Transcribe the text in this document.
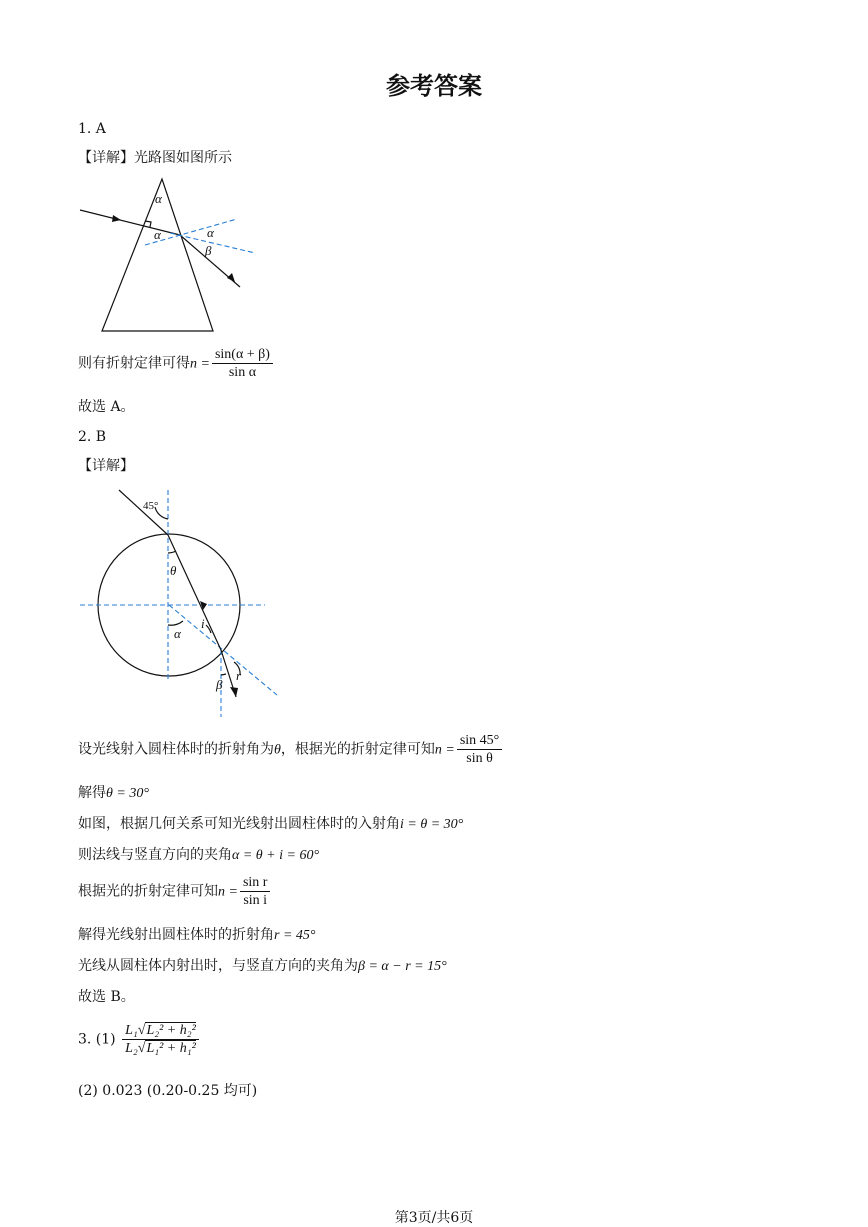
参考答案
1. A
【详解】光路图如图所示
α
α	α
β
则有折射定律可得$n = \frac{\sin(\alpha + \beta)}{\text{sin α}}$
故选 A。
2. B
【详解】
45°
θ
α
i
r
β
设光线射入圆柱体时的折射角为θ，根据光的折射定律可知$n = \frac{\sin 45^\circ}{\text{sin θ}}$
解得θ = 30°
如图，根据几何关系可知光线射出圆柱体时的入射角i = θ = 30°
则法线与竖直方向的夹角α = θ + i = 60°
根据光的折射定律可知$n = \frac{\text{sin r}}{\text{sin i}}$
解得光线射出圆柱体时的折射角r = 45°
光线从圆柱体内射出时，与竖直方向的夹角为β = α − r = 15°
故选 B。
3. $(1) \frac{\text{L₁√L₂² + h₂²}}{\text{L₂√L₁² + h₁²}}$
(2) 0.023 (0.20-0.25 均可)
第3页/共6页
